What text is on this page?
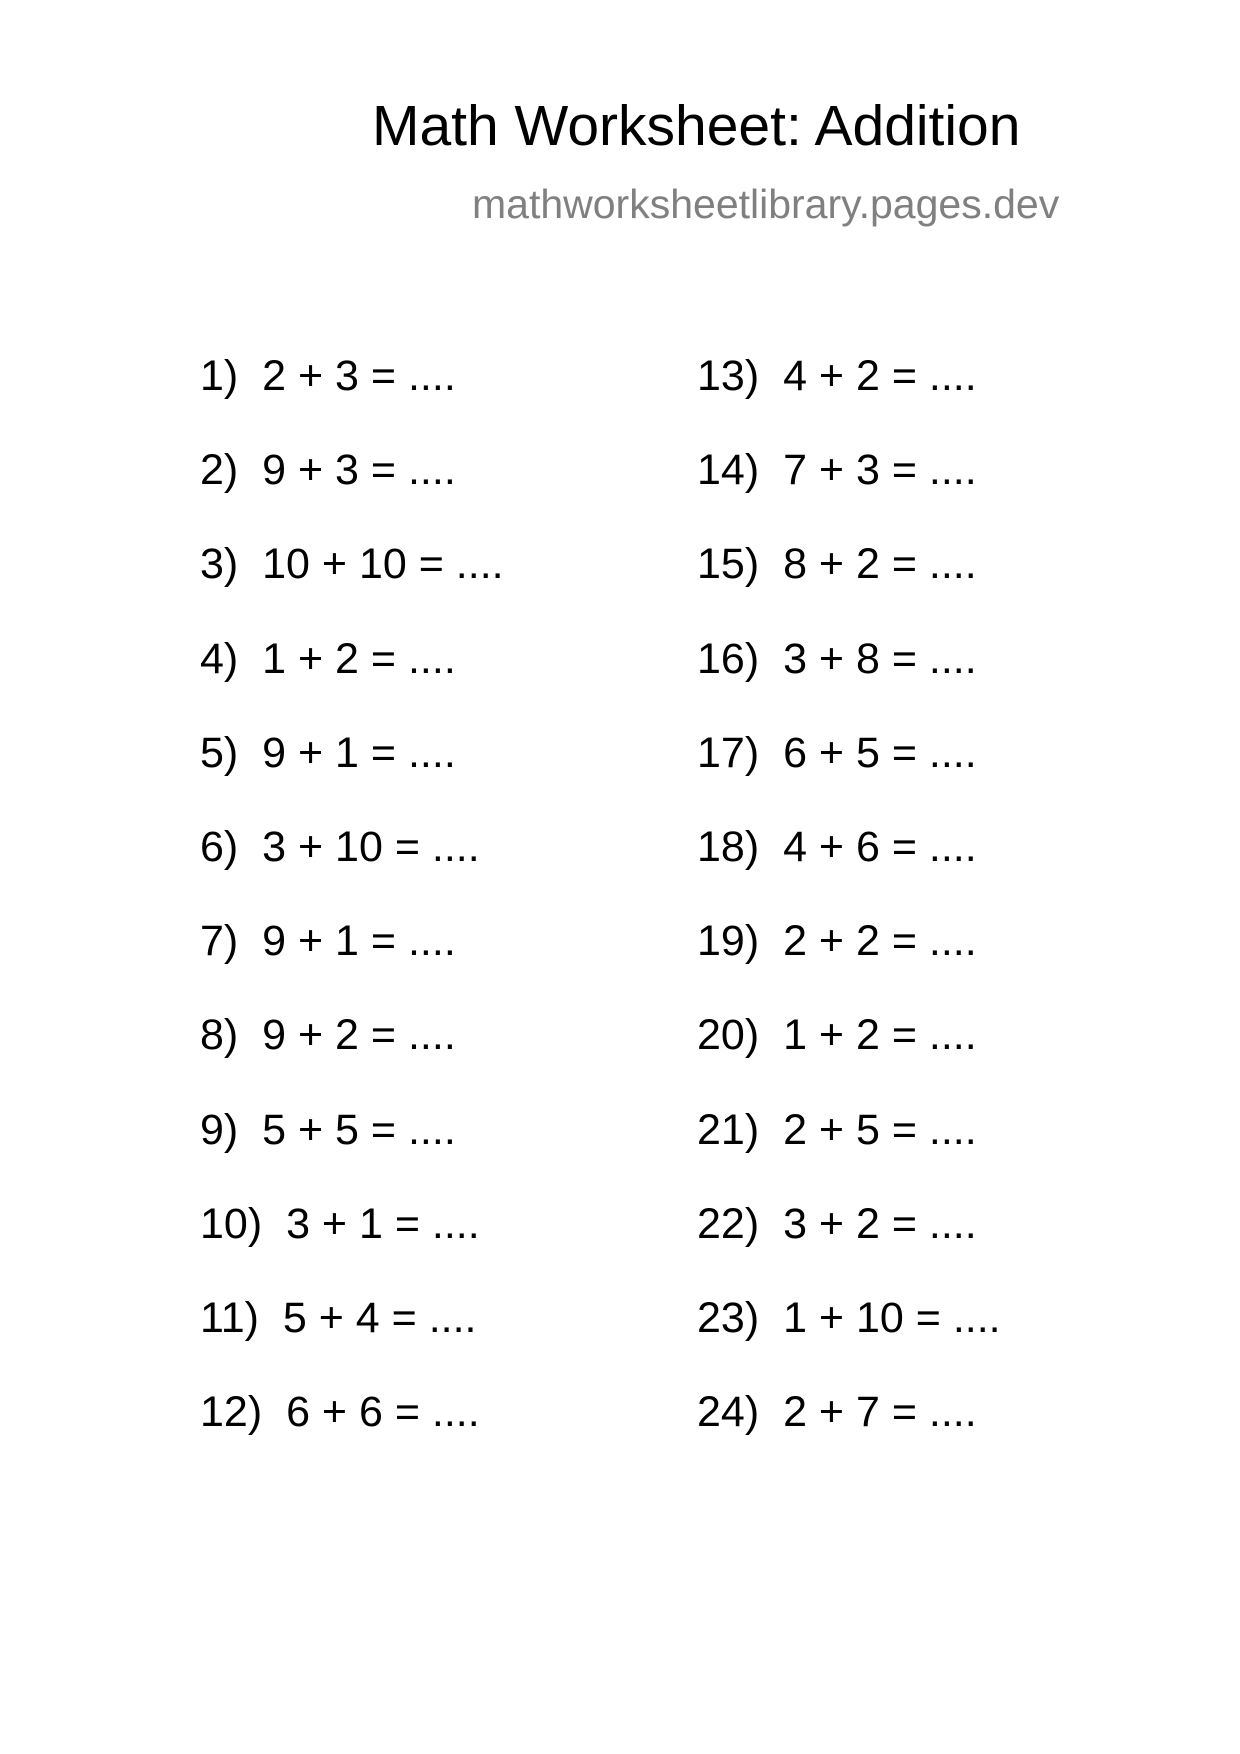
Math Worksheet: Addition
mathworksheetlibrary.pages.dev
1) 2 + 3 = ....
2) 9 + 3 = ....
3) 10 + 10 = ....
4) 1 + 2 = ....
5) 9 + 1 = ....
6) 3 + 10 = ....
7) 9 + 1 = ....
8) 9 + 2 = ....
9) 5 + 5 = ....
10) 3 + 1 = ....
11) 5 + 4 = ....
12) 6 + 6 = ....
13) 4 + 2 = ....
14) 7 + 3 = ....
15) 8 + 2 = ....
16) 3 + 8 = ....
17) 6 + 5 = ....
18) 4 + 6 = ....
19) 2 + 2 = ....
20) 1 + 2 = ....
21) 2 + 5 = ....
22) 3 + 2 = ....
23) 1 + 10 = ....
24) 2 + 7 = ....
